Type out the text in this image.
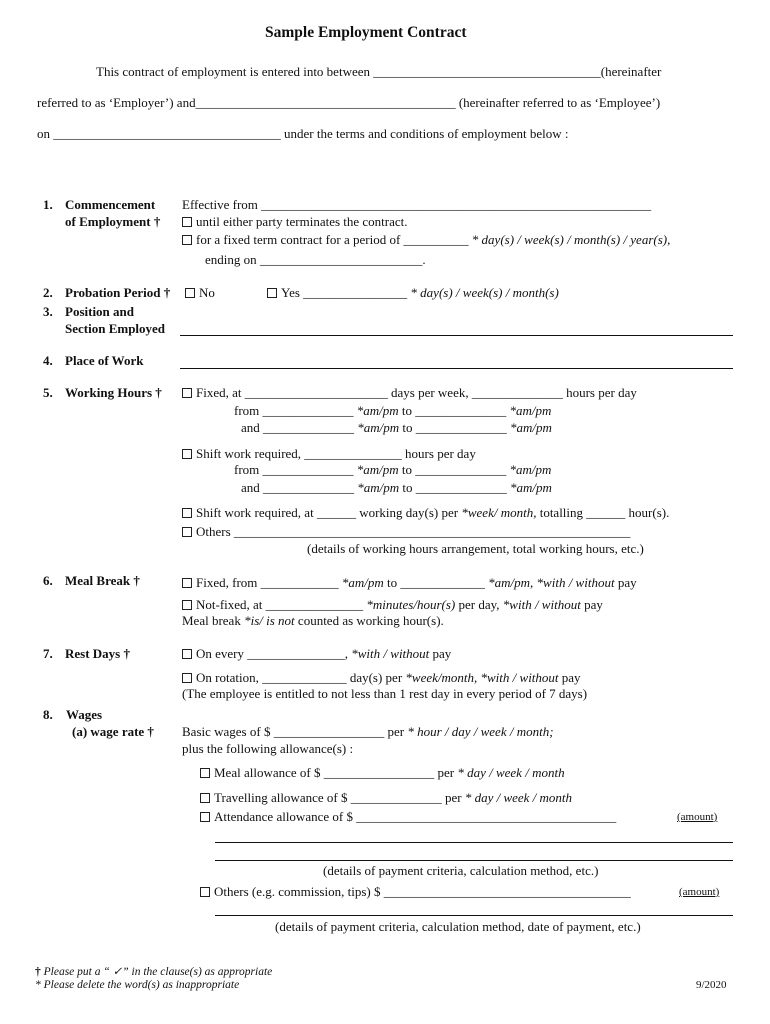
Sample Employment Contract
This contract of employment is entered into between ___________________________________(hereinafter
referred to as ‘Employer’) and________________________________________ (hereinafter referred to as ‘Employee’)
on ___________________________________ under the terms and conditions of employment below :
1. Commencement
of Employment †
Effective from ____________________________________________________________
until either party terminates the contract.
for a fixed term contract for a period of __________ * day(s) / week(s) / month(s) / year(s),
ending on _________________________.
2. Probation Period †	No	Yes ________________ * day(s) / week(s) / month(s)
3. Position and
Section Employed
4. Place of Work
5. Working Hours †	Fixed, at ______________________ days per week, ______________ hours per day
from ______________ *am/pm to ______________ *am/pm
and ______________ *am/pm to ______________ *am/pm
Shift work required, _______________ hours per day
from ______________ *am/pm to ______________ *am/pm
and ______________ *am/pm to ______________ *am/pm
Shift work required, at ______ working day(s) per *week/ month, totalling ______ hour(s).
Others _____________________________________________________________
(details of working hours arrangement, total working hours, etc.)
6. Meal Break †	Fixed, from ____________ *am/pm to _____________ *am/pm, *with / without pay
Not-fixed, at _______________ *minutes/hour(s) per day, *with / without pay
Meal break *is/ is not counted as working hour(s).
7. Rest Days †	On every _______________, *with / without pay
On rotation, _____________ day(s) per *week/month, *with / without pay
(The employee is entitled to not less than 1 rest day in every period of 7 days)
8. Wages
(a) wage rate † Basic wages of $ _________________ per * hour / day / week / month;
plus the following allowance(s) :
Meal allowance of $ _________________ per * day / week / month
Travelling allowance of $ ______________ per * day / week / month
Attendance allowance of $ ________________________________________	(amount)
(details of payment criteria, calculation method, etc.)
Others (e.g. commission, tips) $ ______________________________________	(amount)
(details of payment criteria, calculation method, date of payment, etc.)
† Please put a “ ✓” in the clause(s) as appropriate
* Please delete the word(s) as inappropriate	9/2020
